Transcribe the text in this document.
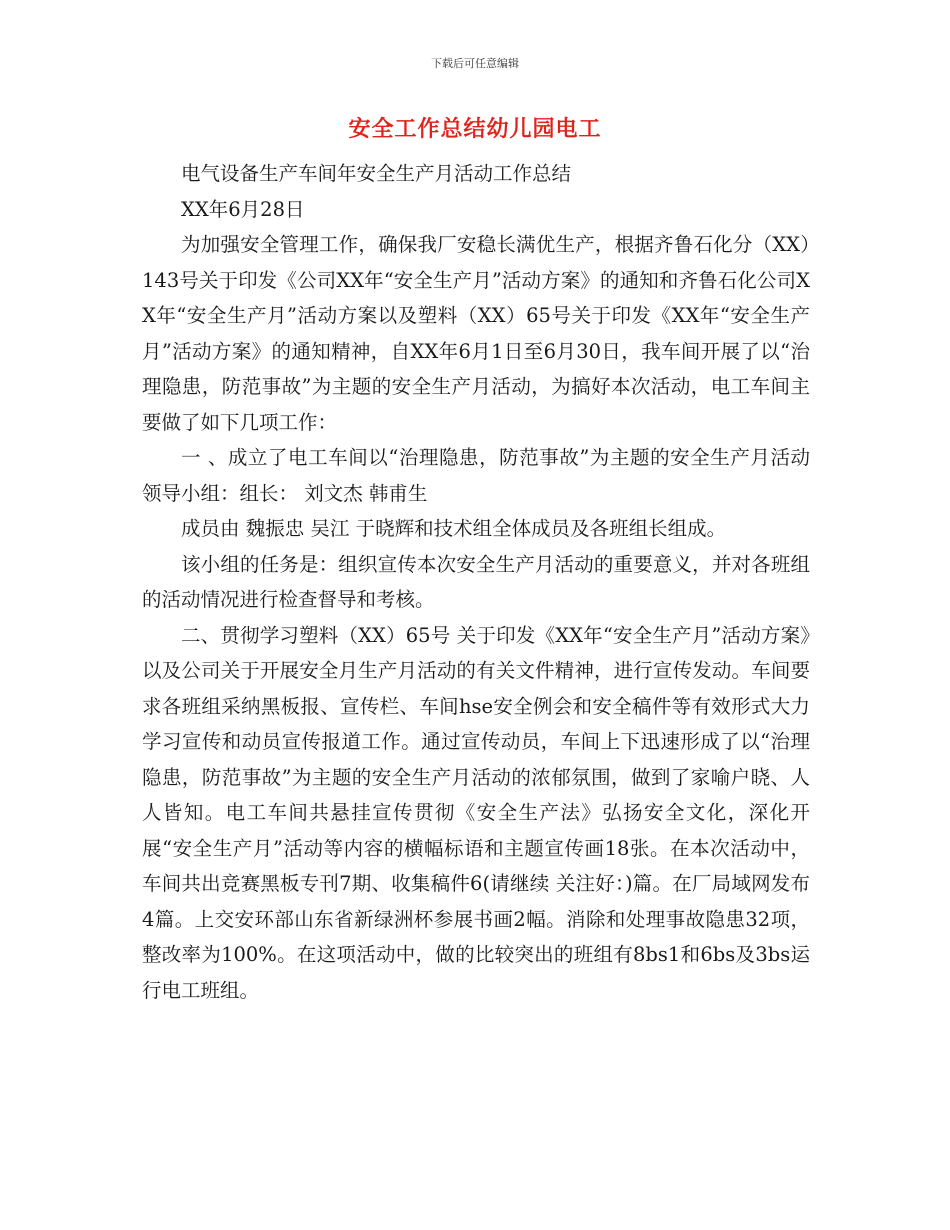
下载后可任意编辑
安全工作总结幼儿园电工

电气设备生产车间年安全生产月活动工作总结

XX年6月28日

为加强安全管理工作，确保我厂安稳长满优生产，根据齐鲁石化分（XX）143号关于印发《公司XX年“安全生产月”活动方案》的通知和齐鲁石化公司XX年“安全生产月”活动方案以及塑料（XX）65号关于印发《XX年“安全生产月”活动方案》的通知精神，自XX年6月1日至6月30日，我车间开展了以“治理隐患，防范事故”为主题的安全生产月活动，为搞好本次活动，电工车间主要做了如下几项工作：

一 、成立了电工车间以“治理隐患，防范事故”为主题的安全生产月活动领导小组：组长： 刘文杰 韩甫生

成员由 魏振忠 吴江 于晓辉和技术组全体成员及各班组长组成。

该小组的任务是：组织宣传本次安全生产月活动的重要意义，并对各班组的活动情况进行检查督导和考核。

二、贯彻学习塑料（XX）65号 关于印发《XX年“安全生产月”活动方案》以及公司关于开展安全月生产月活动的有关文件精神，进行宣传发动。车间要求各班组采纳黑板报、宣传栏、车间hse安全例会和安全稿件等有效形式大力学习宣传和动员宣传报道工作。通过宣传动员，车间上下迅速形成了以“治理隐患，防范事故”为主题的安全生产月活动的浓郁氛围，做到了家喻户晓、人人皆知。电工车间共悬挂宣传贯彻《安全生产法》弘扬安全文化，深化开展“安全生产月”活动等内容的横幅标语和主题宣传画18张。在本次活动中，车间共出竞赛黑板专刊7期、收集稿件6(请继续 关注好：)篇。在厂局域网发布4篇。上交安环部山东省新绿洲杯参展书画2幅。消除和处理事故隐患32项，整改率为100%。在这项活动中，做的比较突出的班组有8bs1和6bs及3bs运行电工班组。
